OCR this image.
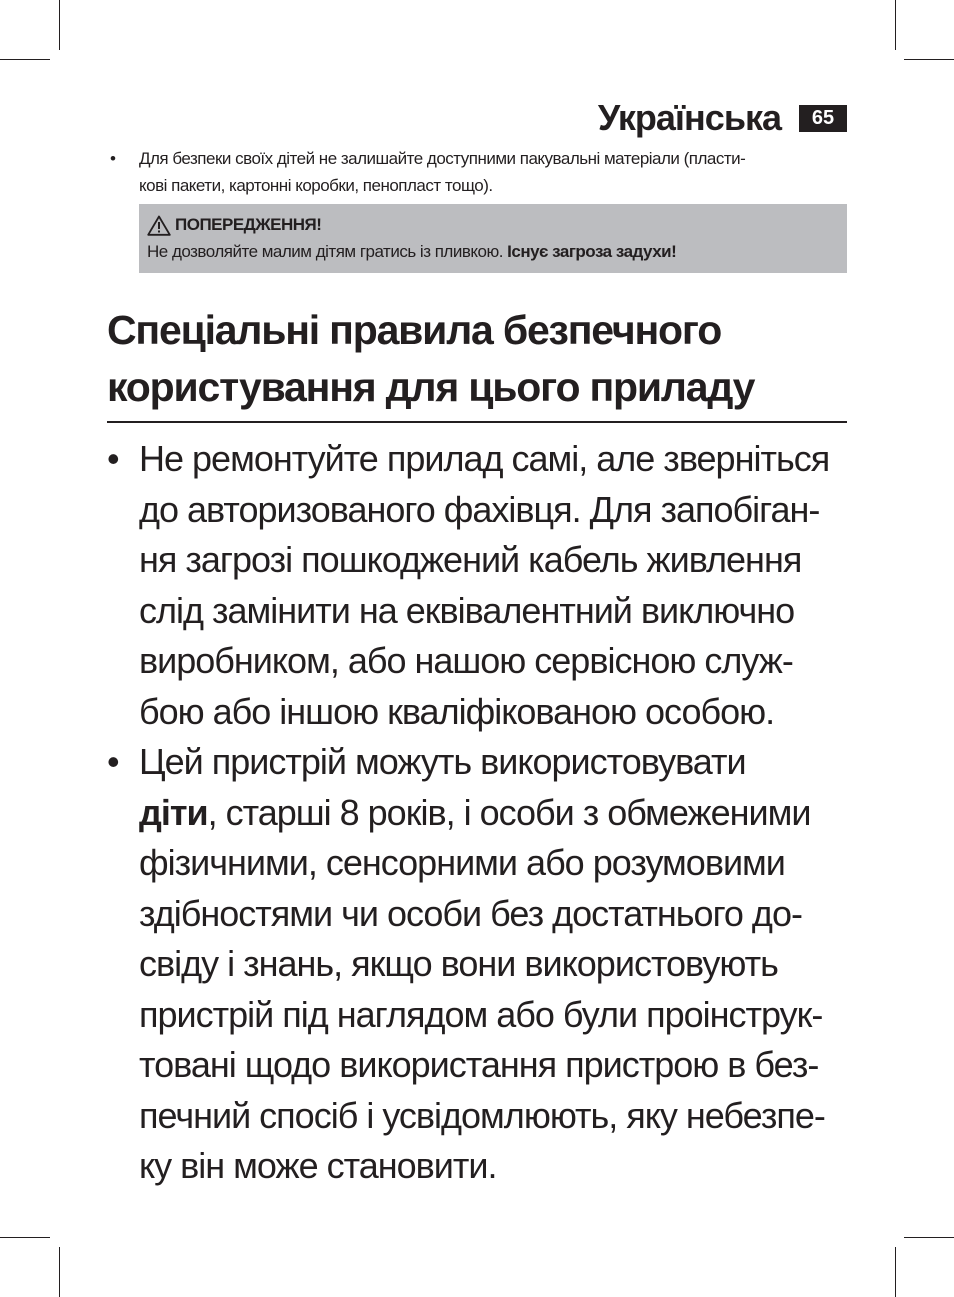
Українська	65
• Для безпеки своїх дітей не залишайте доступними пакувальні матеріали (пласти-
кові пакети, картонні коробки, пенопласт тощо).
ПОПЕРЕДЖЕННЯ!
Не дозволяйте малим дітям гратись із пливкою. Існує загроза задухи!
Спеціальні правила безпечного
користування для цього приладу
• Не ремонтуйте прилад самі, але зверніться
до авторизованого фахівця. Для запобіган-
ня загрозі пошкоджений кабель живлення
слід замінити на еквівалентний виключно
виробником, або нашою сервісною служ-
бою або іншою кваліфікованою особою.
• Цей пристрій можуть використовувати
діти, старші 8 років, і особи з обмеженими
фізичними, сенсорними або розумовими
здібностями чи особи без достатнього до-
свіду і знань, якщо вони використовують
пристрій під наглядом або були проінструк-
товані щодо використання пристрою в без-
печний спосіб і усвідомлюють, яку небезпе-
ку він може становити.
